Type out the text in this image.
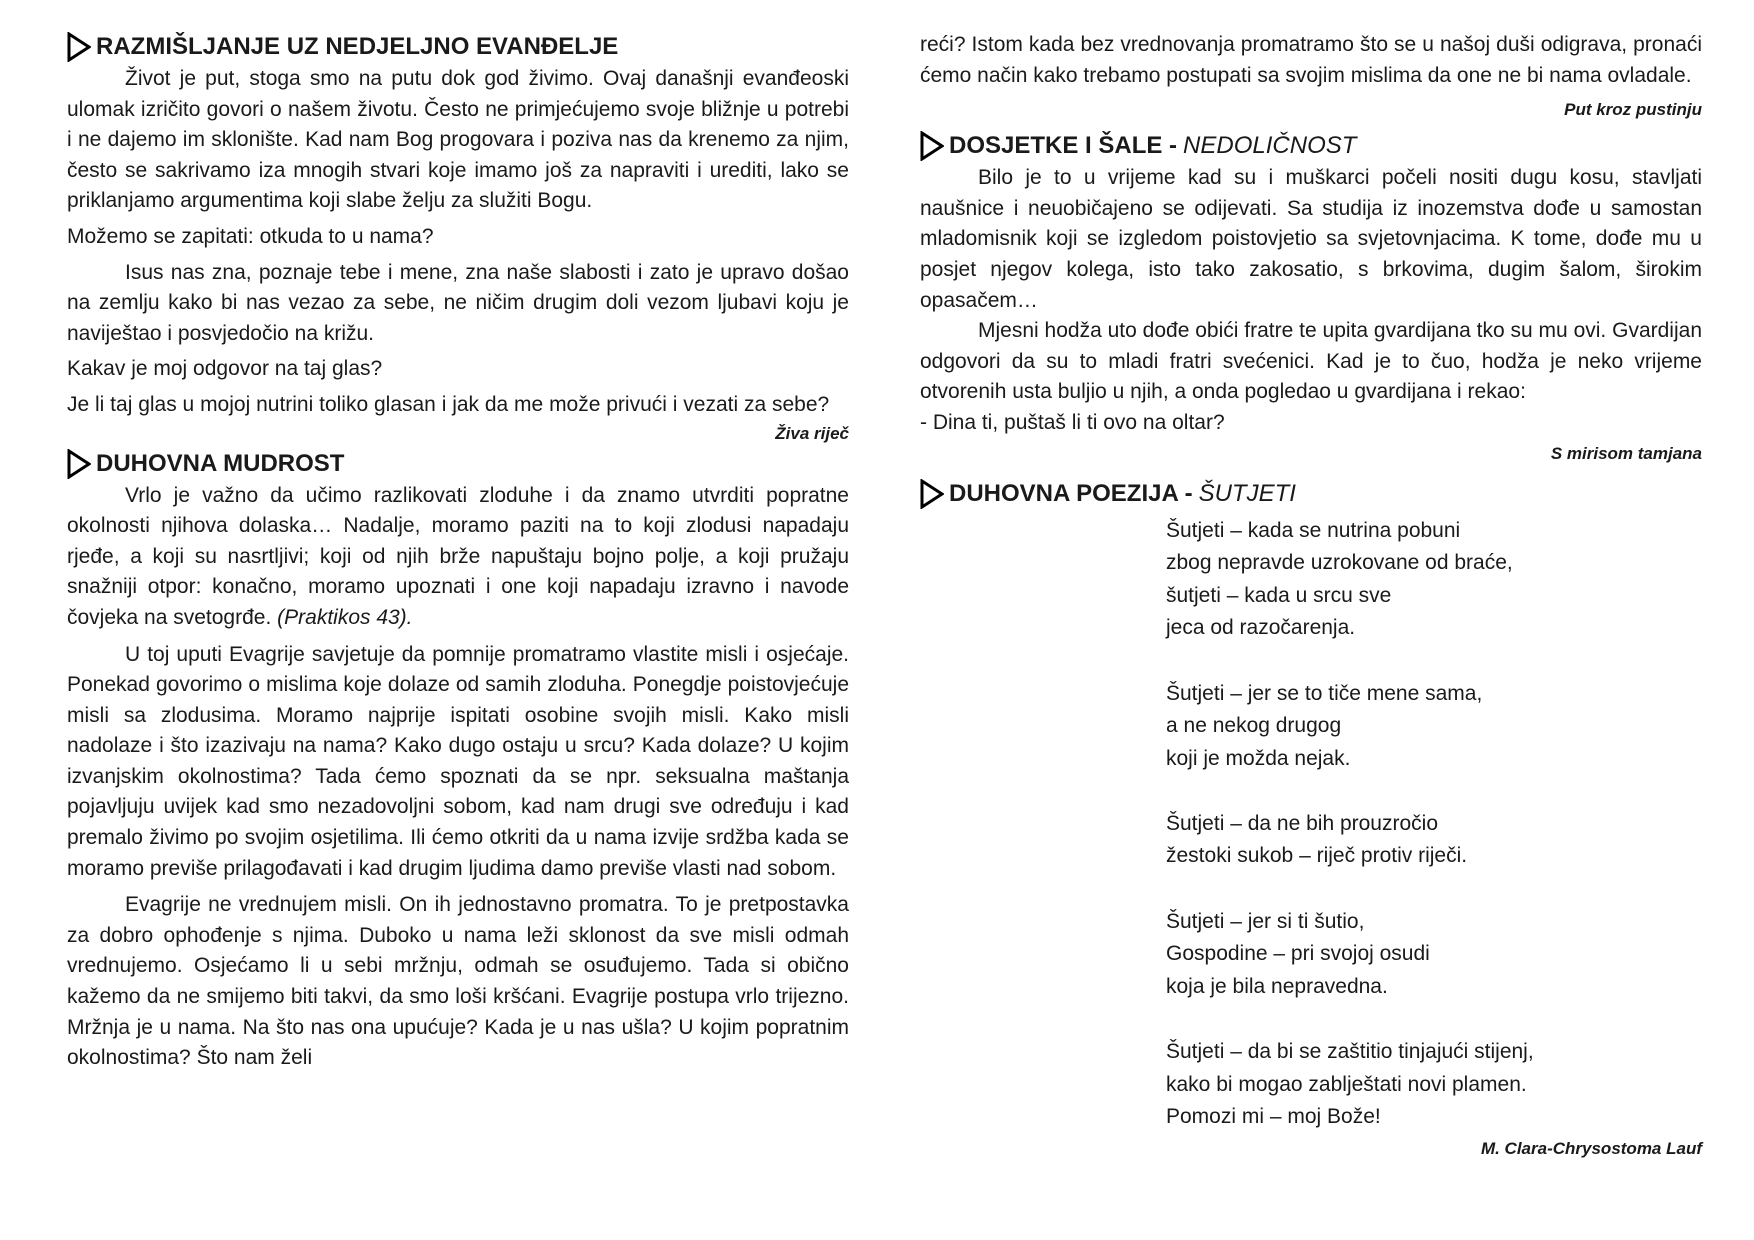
RAZMIŠLJANJE UZ NEDJELJNO EVANĐELJE

Život je put, stoga smo na putu dok god živimo. Ovaj današnji evanđeoski ulomak izričito govori o našem životu. Često ne primjećujemo svoje bližnje u potrebi i ne dajemo im sklonište. Kad nam Bog progovara i poziva nas da krenemo za njim, često se sakrivamo iza mnogih stvari koje imamo još za napraviti i urediti, lako se priklanjamo argumentima koji slabe želju za služiti Bogu.

Možemo se zapitati: otkuda to u nama?

Isus nas zna, poznaje tebe i mene, zna naše slabosti i zato je upravo došao na zemlju kako bi nas vezao za sebe, ne ničim drugim doli vezom ljubavi koju je naviještao i posvjedočio na križu.

Kakav je moj odgovor na taj glas?

Je li taj glas u mojoj nutrini toliko glasan i jak da me može privući i vezati za sebe?

Živa riječ
DUHOVNA MUDROST

Vrlo je važno da učimo razlikovati zloduhe i da znamo utvrditi popratne okolnosti njihova dolaska… Nadalje, moramo paziti na to koji zlodusi napadaju rjeđe, a koji su nasrtljivi; koji od njih brže napuštaju bojno polje, a koji pružaju snažniji otpor: konačno, moramo upoznati i one koji napadaju izravno i navode čovjeka na svetogrđe. (Praktikos 43).

U toj uputi Evagrije savjetuje da pomnije promatramo vlastite misli i osjećaje. Ponekad govorimo o mislima koje dolaze od samih zloduha. Ponegdje poistovjećuje misli sa zlodusima. Moramo najprije ispitati osobine svojih misli. Kako misli nadolaze i što izazivaju na nama? Kako dugo ostaju u srcu? Kada dolaze? U kojim izvanjskim okolnostima? Tada ćemo spoznati da se npr. seksualna maštanja pojavljuju uvijek kad smo nezadovoljni sobom, kad nam drugi sve određuju i kad premalo živimo po svojim osjetilima. Ili ćemo otkriti da u nama izvije srdžba kada se moramo previše prilagođavati i kad drugim ljudima damo previše vlasti nad sobom.

Evagrije ne vrednujem misli. On ih jednostavno promatra. To je pretpostavka za dobro ophođenje s njima. Duboko u nama leži sklonost da sve misli odmah vrednujemo. Osjećamo li u sebi mržnju, odmah se osuđujemo. Tada si obično kažemo da ne smijemo biti takvi, da smo loši kršćani. Evagrije postupa vrlo trijezno. Mržnja je u nama. Na što nas ona upućuje? Kada je u nas ušla? U kojim popratnim okolnostima? Što nam želi

reći? Istom kada bez vrednovanja promatramo što se u našoj duši odigrava, pronaći ćemo način kako trebamo postupati sa svojim mislima da one ne bi nama ovladale.

Put kroz pustinju
DOSJETKE I ŠALE - NEDOLIČNOST

Bilo je to u vrijeme kad su i muškarci počeli nositi dugu kosu, stavljati naušnice i neuobičajeno se odijevati. Sa studija iz inozemstva dođe u samostan mladomisnik koji se izgledom poistovjetio sa svjetovnjacima. K tome, dođe mu u posjet njegov kolega, isto tako zakosatio, s brkovima, dugim šalom, širokim opasačem…

Mjesni hodža uto dođe obići fratre te upita gvardijana tko su mu ovi. Gvardijan odgovori da su to mladi fratri svećenici. Kad je to čuo, hodža je neko vrijeme otvorenih usta buljio u njih, a onda pogledao u gvardijana i rekao:

- Dina ti, puštaš li ti ovo na oltar?

S mirisom tamjana
DUHOVNA POEZIJA - ŠUTJETI
Šutjeti – kada se nutrina pobuni
zbog nepravde uzrokovane od braće,
šutjeti – kada u srcu sve
jeca od razočarenja.
Šutjeti – jer se to tiče mene sama,
a ne nekog drugog
koji je možda nejak.
Šutjeti – da ne bih prouzročio
žestoki sukob – riječ protiv riječi.
Šutjeti – jer si ti šutio,
Gospodine – pri svojoj osudi
koja je bila nepravedna.
Šutjeti – da bi se zaštitio tinjajući stijenj,
kako bi mogao zablještati novi plamen.
Pomozi mi – moj Bože!
M. Clara-Chrysostoma Lauf
